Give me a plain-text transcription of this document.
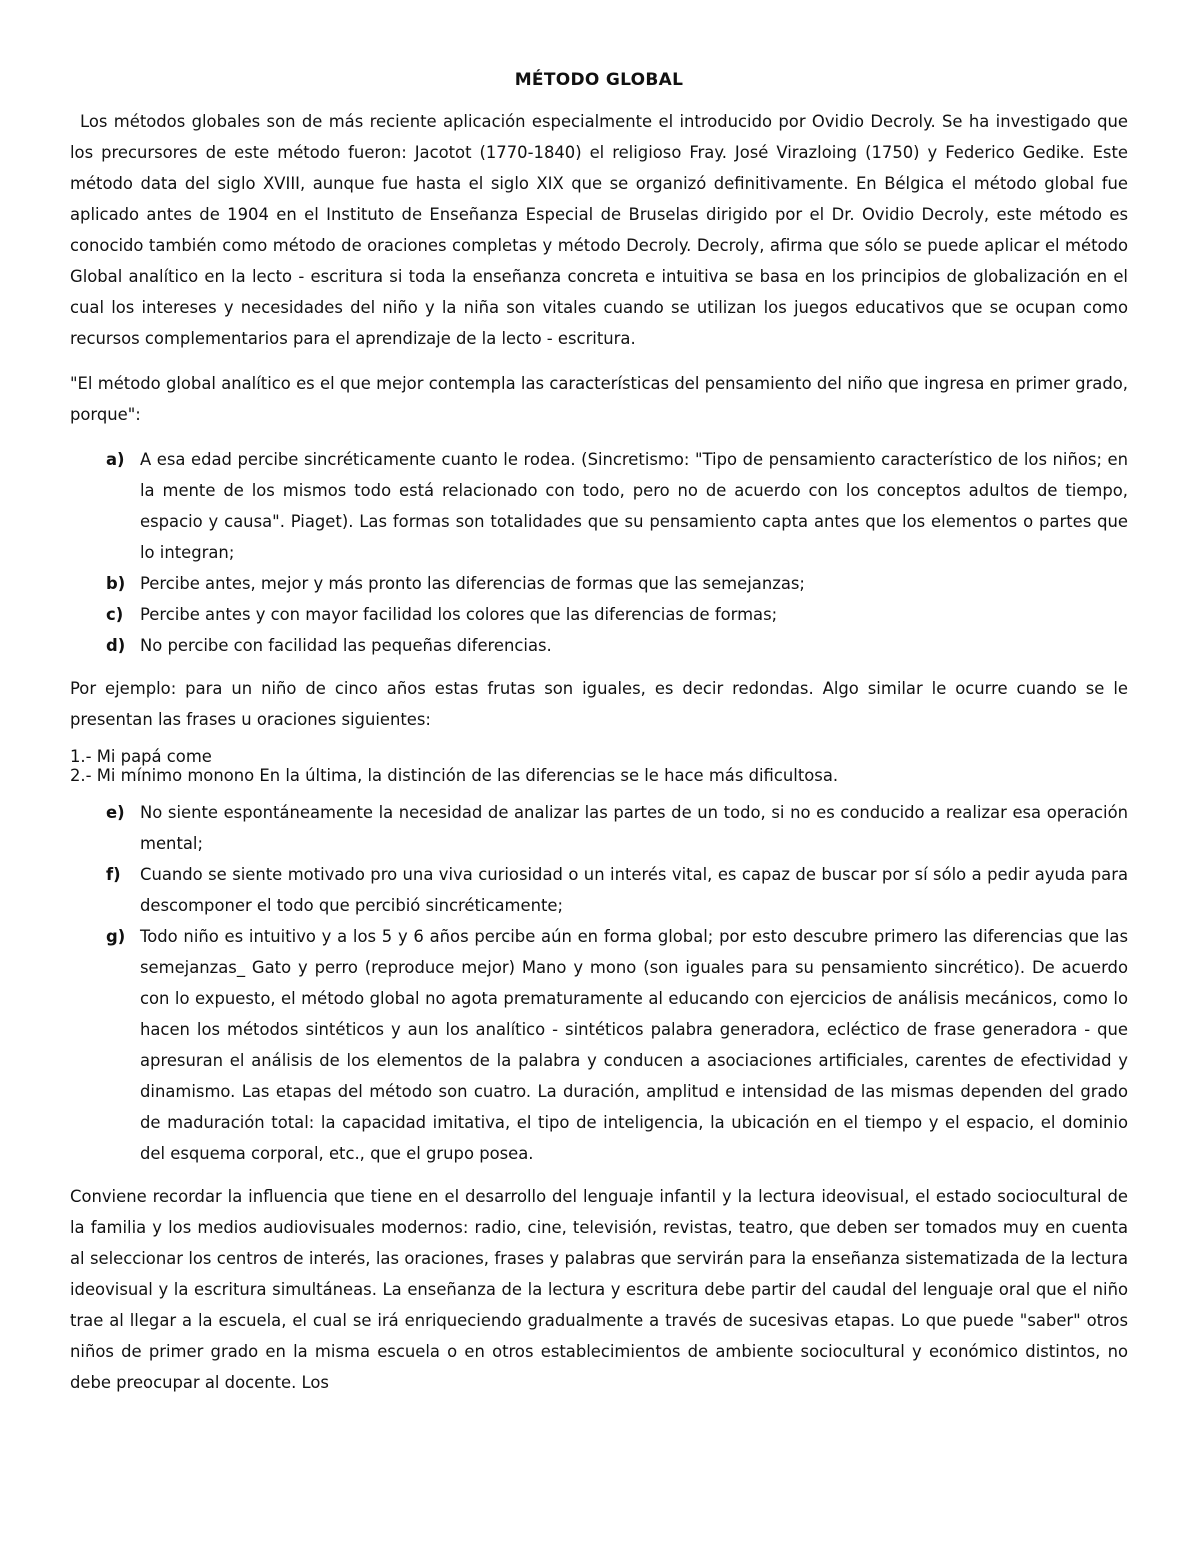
MÉTODO GLOBAL

Los métodos globales son de más reciente aplicación especialmente el introducido por Ovidio Decroly. Se ha investigado que los precursores de este método fueron: Jacotot (1770-1840) el religioso Fray. José Virazloing (1750) y Federico Gedike. Este método data del siglo XVIII, aunque fue hasta el siglo XIX que se organizó definitivamente. En Bélgica el método global fue aplicado antes de 1904 en el Instituto de Enseñanza Especial de Bruselas dirigido por el Dr. Ovidio Decroly, este método es conocido también como método de oraciones completas y método Decroly. Decroly, afirma que sólo se puede aplicar el método Global analítico en la lecto - escritura si toda la enseñanza concreta e intuitiva se basa en los principios de globalización en el cual los intereses y necesidades del niño y la niña son vitales cuando se utilizan los juegos educativos que se ocupan como recursos complementarios para el aprendizaje de la lecto - escritura.

"El método global analítico es el que mejor contempla las características del pensamiento del niño que ingresa en primer grado, porque":

a) A esa edad percibe sincréticamente cuanto le rodea. (Sincretismo: "Tipo de pensamiento característico de los niños; en la mente de los mismos todo está relacionado con todo, pero no de acuerdo con los conceptos adultos de tiempo, espacio y causa". Piaget). Las formas son totalidades que su pensamiento capta antes que los elementos o partes que lo integran;
b) Percibe antes, mejor y más pronto las diferencias de formas que las semejanzas;
c)	Percibe antes y con mayor facilidad los colores que las diferencias de formas;
d) No percibe con facilidad las pequeñas diferencias.

Por ejemplo: para un niño de cinco años estas frutas son iguales, es decir redondas. Algo similar le ocurre cuando se le presentan las frases u oraciones siguientes:

1.- Mi papá come
2.- Mi mínimo monono En la última, la distinción de las diferencias se le hace más dificultosa.
e) No siente espontáneamente la necesidad de analizar las partes de un todo, si no es conducido a realizar esa operación mental;
f)	Cuando se siente motivado pro una viva curiosidad o un interés vital, es capaz de buscar por sí sólo a pedir ayuda para descomponer el todo que percibió sincréticamente;
g) Todo niño es intuitivo y a los 5 y 6 años percibe aún en forma global; por esto descubre primero las diferencias que las semejanzas_ Gato y perro (reproduce mejor) Mano y mono (son iguales para su pensamiento sincrético). De acuerdo con lo expuesto, el método global no agota prematuramente al educando con ejercicios de análisis mecánicos, como lo hacen los métodos sintéticos y aun los analítico - sintéticos palabra generadora, ecléctico de frase generadora - que apresuran el análisis de los elementos de la palabra y conducen a asociaciones artificiales, carentes de efectividad y dinamismo. Las etapas del método son cuatro. La duración, amplitud e intensidad de las mismas dependen del grado de maduración total: la capacidad imitativa, el tipo de inteligencia, la ubicación en el tiempo y el espacio, el dominio del esquema corporal, etc., que el grupo posea.

Conviene recordar la influencia que tiene en el desarrollo del lenguaje infantil y la lectura ideovisual, el estado sociocultural de la familia y los medios audiovisuales modernos: radio, cine, televisión, revistas, teatro, que deben ser tomados muy en cuenta al seleccionar los centros de interés, las oraciones, frases y palabras que servirán para la enseñanza sistematizada de la lectura ideovisual y la escritura simultáneas. La enseñanza de la lectura y escritura debe partir del caudal del lenguaje oral que el niño trae al llegar a la escuela, el cual se irá enriqueciendo gradualmente a través de sucesivas etapas. Lo que puede "saber" otros niños de primer grado en la misma escuela o en otros establecimientos de ambiente sociocultural y económico distintos, no debe preocupar al docente. Los
